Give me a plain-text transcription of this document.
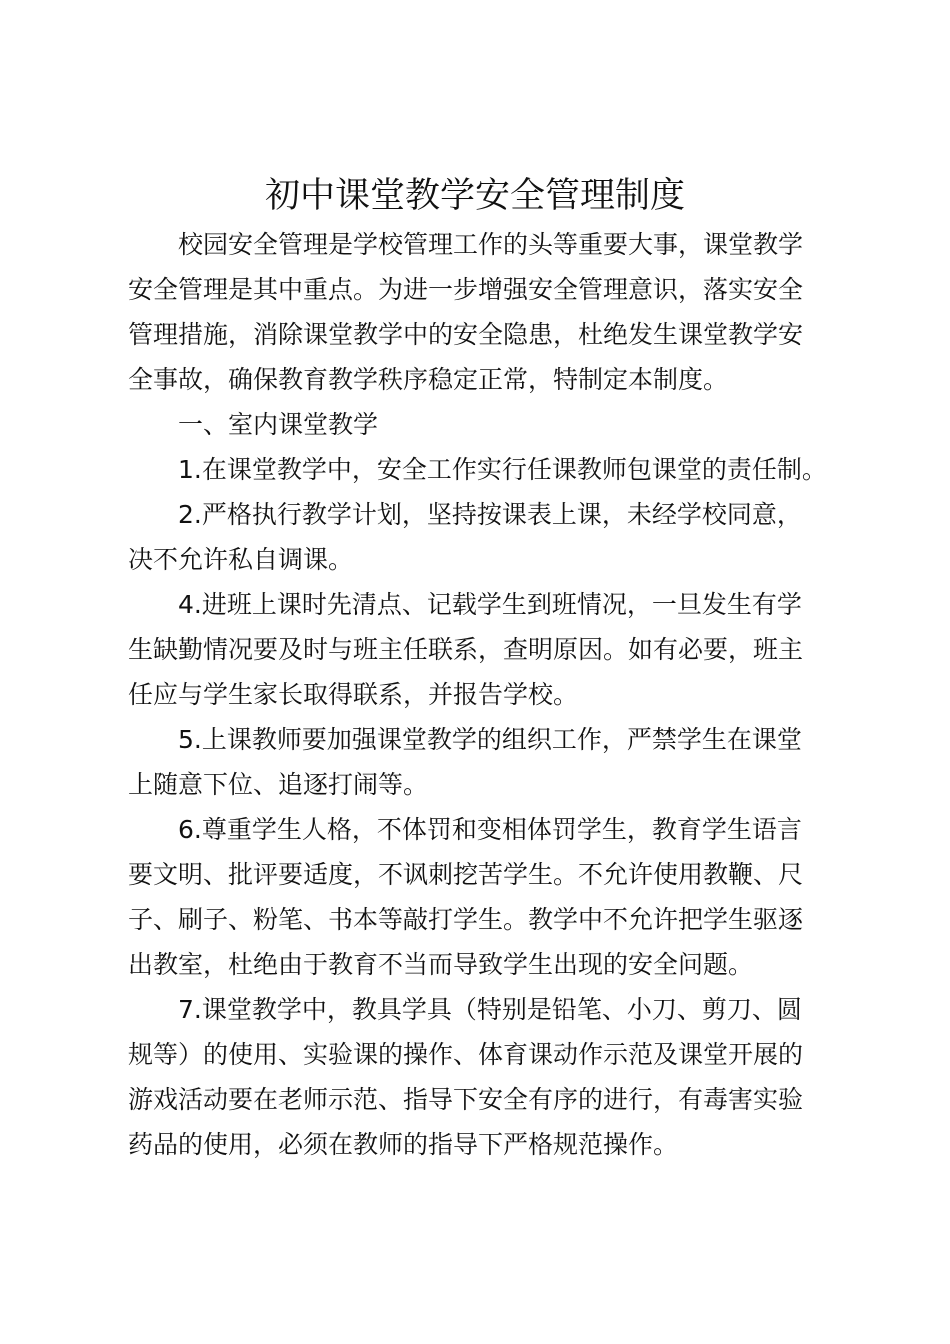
初中课堂教学安全管理制度
校园安全管理是学校管理工作的头等重要大事，课堂教学
安全管理是其中重点。为进一步增强安全管理意识，落实安全
管理措施，消除课堂教学中的安全隐患，杜绝发生课堂教学安
全事故，确保教育教学秩序稳定正常，特制定本制度。
一、室内课堂教学
1.在课堂教学中，安全工作实行任课教师包课堂的责任制。
2.严格执行教学计划，坚持按课表上课，未经学校同意，
决不允许私自调课。
4.进班上课时先清点、记载学生到班情况，一旦发生有学
生缺勤情况要及时与班主任联系，查明原因。如有必要，班主
任应与学生家长取得联系，并报告学校。
5.上课教师要加强课堂教学的组织工作，严禁学生在课堂
上随意下位、追逐打闹等。
6.尊重学生人格，不体罚和变相体罚学生，教育学生语言
要文明、批评要适度，不讽刺挖苦学生。不允许使用教鞭、尺
子、刷子、粉笔、书本等敲打学生。教学中不允许把学生驱逐
出教室，杜绝由于教育不当而导致学生出现的安全问题。
7.课堂教学中，教具学具（特别是铅笔、小刀、剪刀、圆
规等）的使用、实验课的操作、体育课动作示范及课堂开展的
游戏活动要在老师示范、指导下安全有序的进行，有毒害实验
药品的使用，必须在教师的指导下严格规范操作。
